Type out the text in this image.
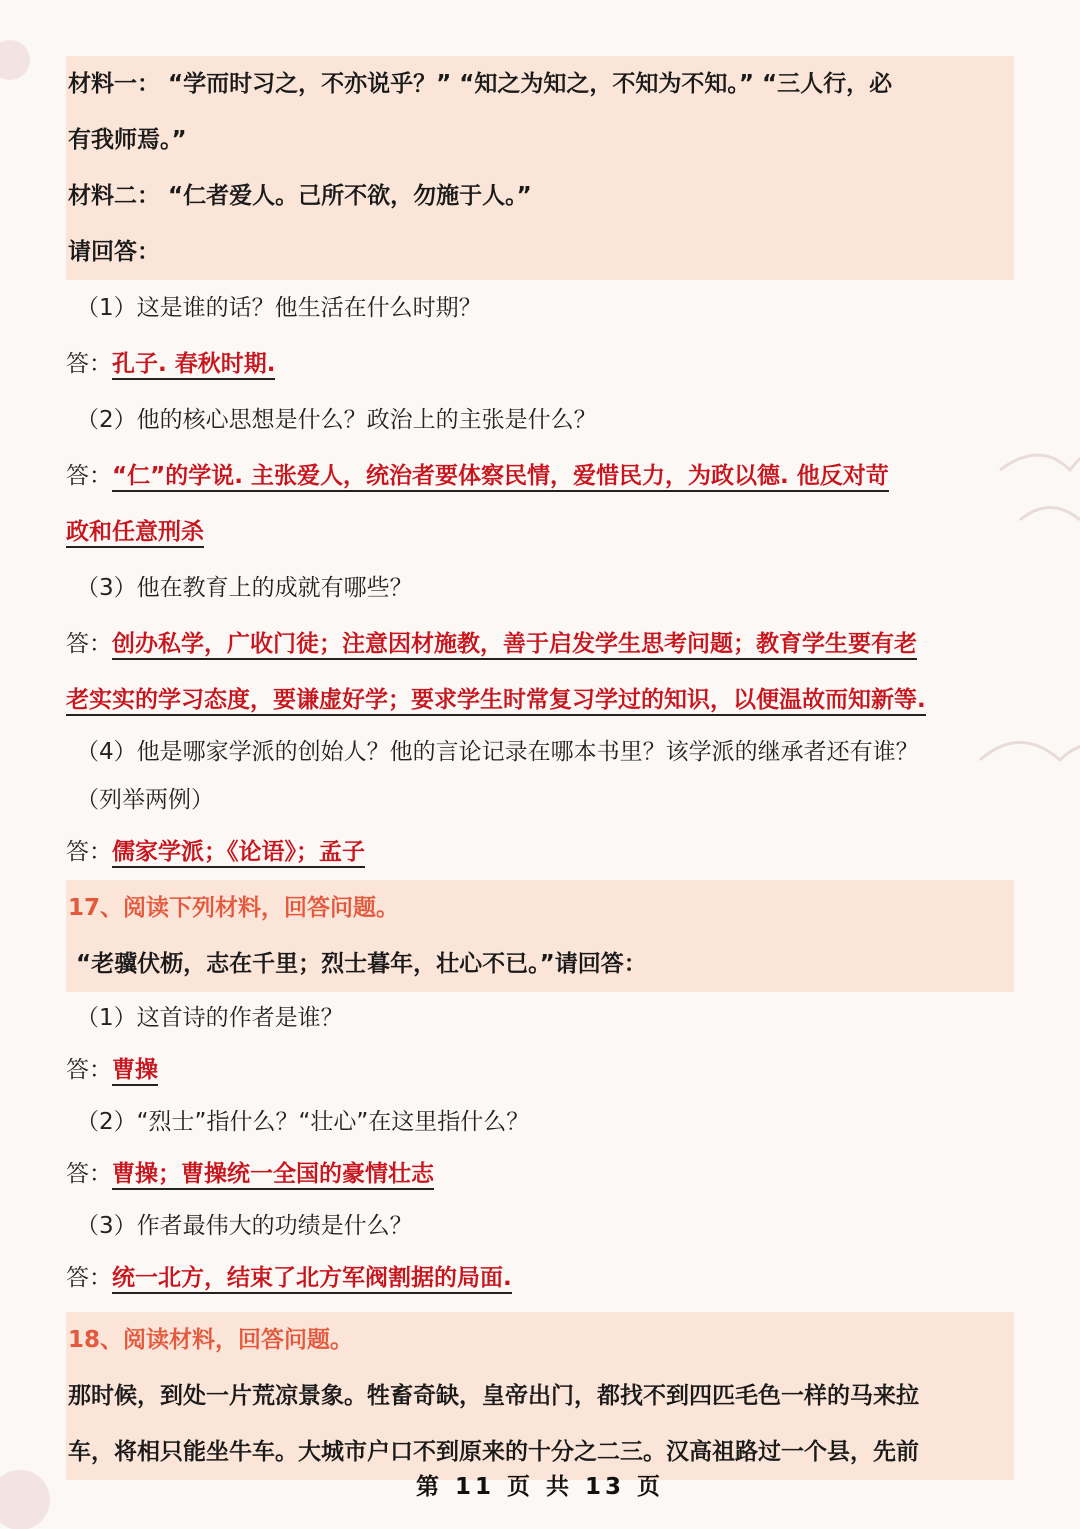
材料一： “学而时习之，不亦说乎？” “知之为知之，不知为不知。” “三人行，必
有我师焉。”
材料二： “仁者爱人。己所不欲，勿施于人。”
请回答：
（1）这是谁的话？他生活在什么时期？
答：孔子. 春秋时期.
（2）他的核心思想是什么？政治上的主张是什么？
答：“仁”的学说. 主张爱人，统治者要体察民情，爱惜民力，为政以德. 他反对苛
政和任意刑杀
（3）他在教育上的成就有哪些？
答：创办私学，广收门徒；注意因材施教，善于启发学生思考问题；教育学生要有老
老实实的学习态度，要谦虚好学；要求学生时常复习学过的知识，以便温故而知新等.
（4）他是哪家学派的创始人？他的言论记录在哪本书里？该学派的继承者还有谁？
（列举两例）
答：儒家学派；《论语》；孟子
17、阅读下列材料，回答问题。
“老骥伏枥，志在千里；烈士暮年，壮心不已。”请回答：
（1）这首诗的作者是谁？
答：曹操
（2）“烈士”指什么？“壮心”在这里指什么？
答：曹操；曹操统一全国的豪情壮志
（3）作者最伟大的功绩是什么？
答：统一北方，结束了北方军阀割据的局面.
18、阅读材料，回答问题。
那时候，到处一片荒凉景象。牲畜奇缺，皇帝出门，都找不到四匹毛色一样的马来拉
车，将相只能坐牛车。大城市户口不到原来的十分之二三。汉高祖路过一个县，先前
第 11 页 共 13 页
